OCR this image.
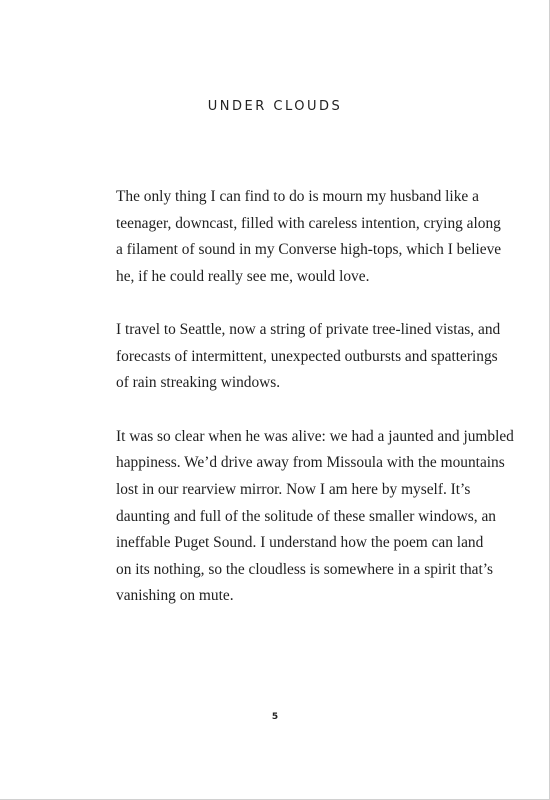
UNDER CLOUDS

The only thing I can find to do is mourn my husband like a
teenager, downcast, filled with careless intention, crying along
a filament of sound in my Converse high-tops, which I believe
he, if he could really see me, would love.

I travel to Seattle, now a string of private tree-lined vistas, and
forecasts of intermittent, unexpected outbursts and spatterings
of rain streaking windows.

It was so clear when he was alive: we had a jaunted and jumbled
happiness. We’d drive away from Missoula with the mountains
lost in our rearview mirror. Now I am here by myself. It’s
daunting and full of the solitude of these smaller windows, an
ineffable Puget Sound. I understand how the poem can land
on its nothing, so the cloudless is somewhere in a spirit that’s
vanishing on mute.

5
